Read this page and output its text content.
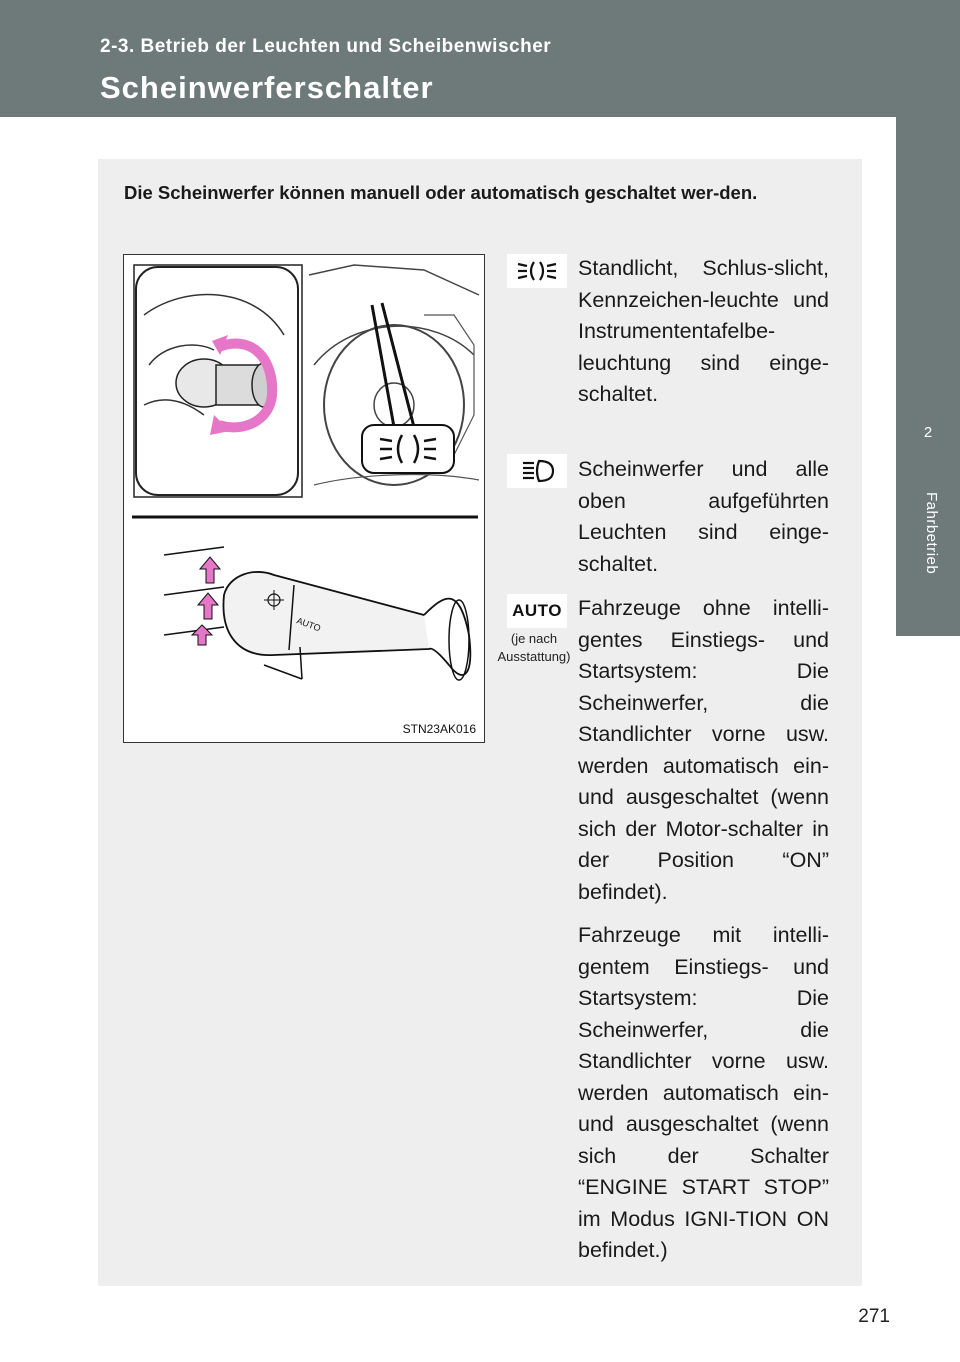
2-3. Betrieb der Leuchten und Scheibenwischer
Scheinwerferschalter
2
Fahrbetrieb
Die Scheinwerfer können manuell oder automatisch geschaltet wer-den.
AUTO
STN23AK016
Standlicht, Schlus-slicht, Kennzeichen-leuchte und Instrumententafelbe-leuchtung sind einge-schaltet.
Scheinwerfer und alle oben aufgeführten Leuchten sind einge-schaltet.
AUTO
(je nach Ausstattung)
Fahrzeuge ohne intelli-gentes Einstiegs- und Startsystem: Die Scheinwerfer, die Standlichter vorne usw. werden automatisch ein- und ausgeschaltet (wenn sich der Motor-schalter in der Position “ON” befindet).
Fahrzeuge mit intelli-gentem Einstiegs- und Startsystem: Die Scheinwerfer, die Standlichter vorne usw. werden automatisch ein- und ausgeschaltet (wenn sich der Schalter “ENGINE START STOP” im Modus IGNI-TION ON befindet.)
271
